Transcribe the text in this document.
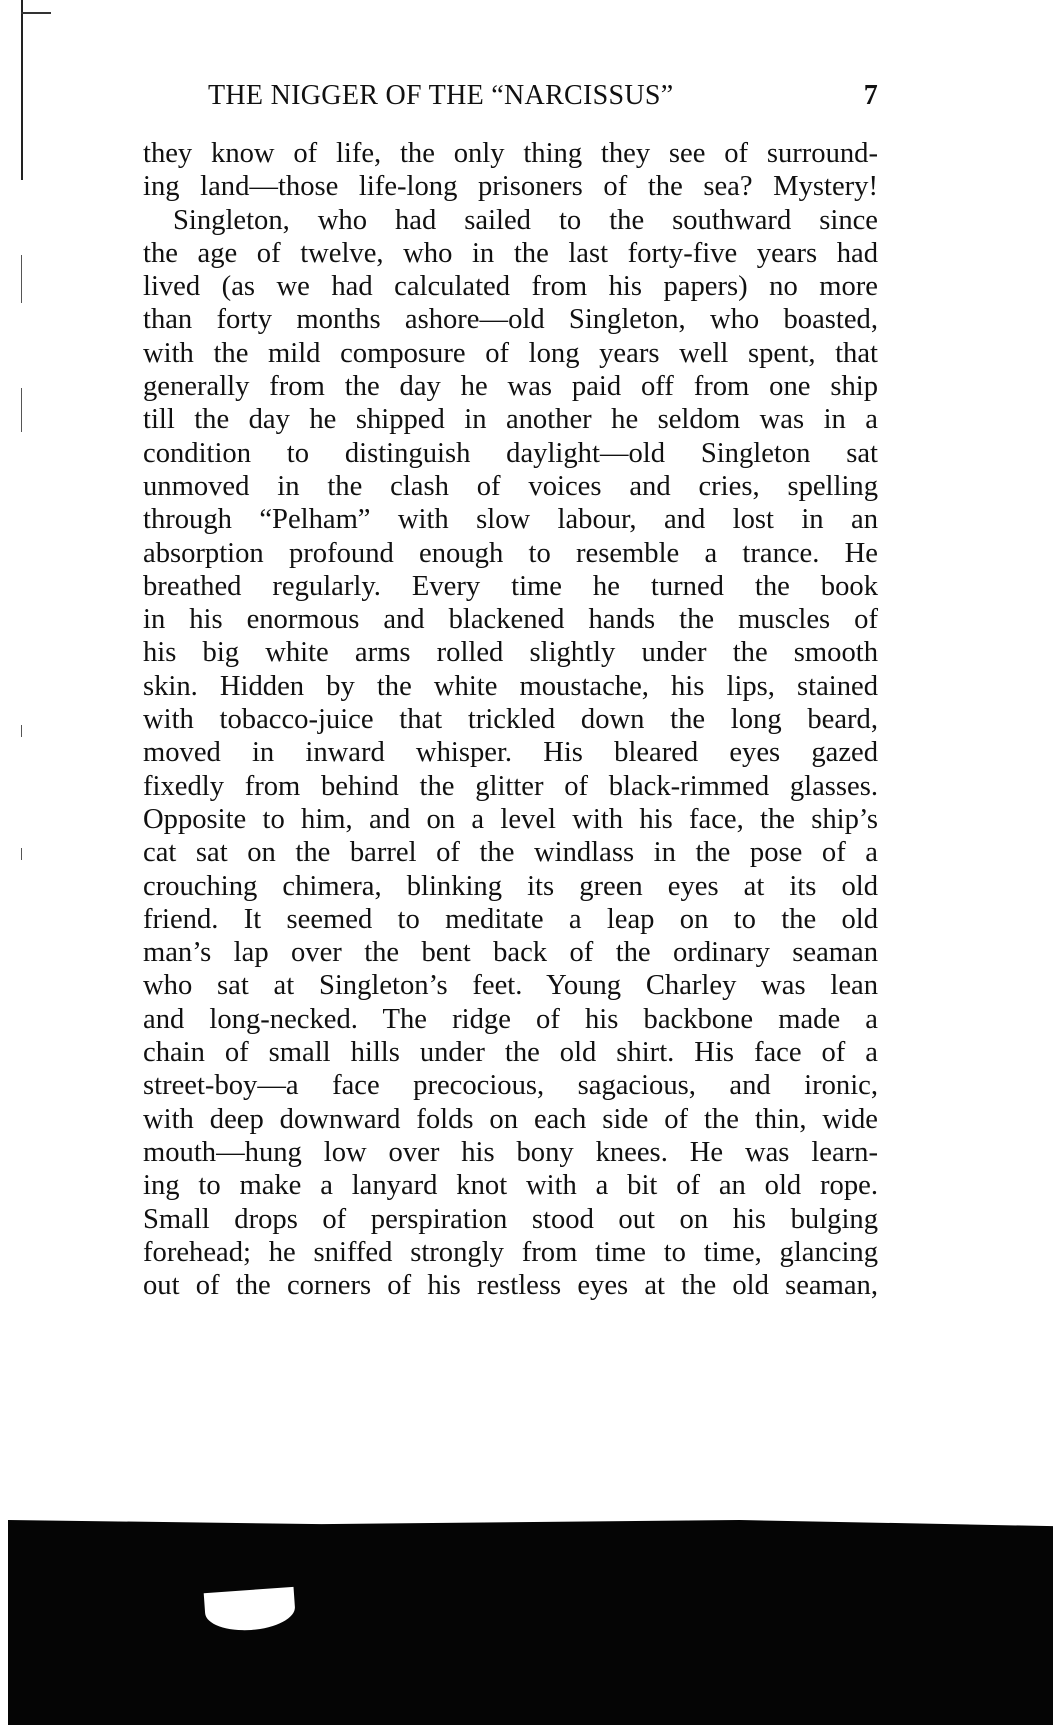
THE NIGGER OF THE “NARCISSUS”	7
they know of life, the only thing they see of surround-
ing land—those life-long prisoners of the sea? Mystery!
Singleton, who had sailed to the southward since
the age of twelve, who in the last forty-five years had
lived (as we had calculated from his papers) no more
than forty months ashore—old Singleton, who boasted,
with the mild composure of long years well spent, that
generally from the day he was paid off from one ship
till the day he shipped in another he seldom was in a
condition to distinguish daylight—old Singleton sat
unmoved in the clash of voices and cries, spelling
through “Pelham” with slow labour, and lost in an
absorption profound enough to resemble a trance. He
breathed regularly. Every time he turned the book
in his enormous and blackened hands the muscles of
his big white arms rolled slightly under the smooth
skin. Hidden by the white moustache, his lips, stained
with tobacco-juice that trickled down the long beard,
moved in inward whisper. His bleared eyes gazed
fixedly from behind the glitter of black-rimmed glasses.
Opposite to him, and on a level with his face, the ship’s
cat sat on the barrel of the windlass in the pose of a
crouching chimera, blinking its green eyes at its old
friend. It seemed to meditate a leap on to the old
man’s lap over the bent back of the ordinary seaman
who sat at Singleton’s feet. Young Charley was lean
and long-necked. The ridge of his backbone made a
chain of small hills under the old shirt. His face of a
street-boy—a face precocious, sagacious, and ironic,
with deep downward folds on each side of the thin, wide
mouth—hung low over his bony knees. He was learn-
ing to make a lanyard knot with a bit of an old rope.
Small drops of perspiration stood out on his bulging
forehead; he sniffed strongly from time to time, glancing
out of the corners of his restless eyes at the old seaman,
